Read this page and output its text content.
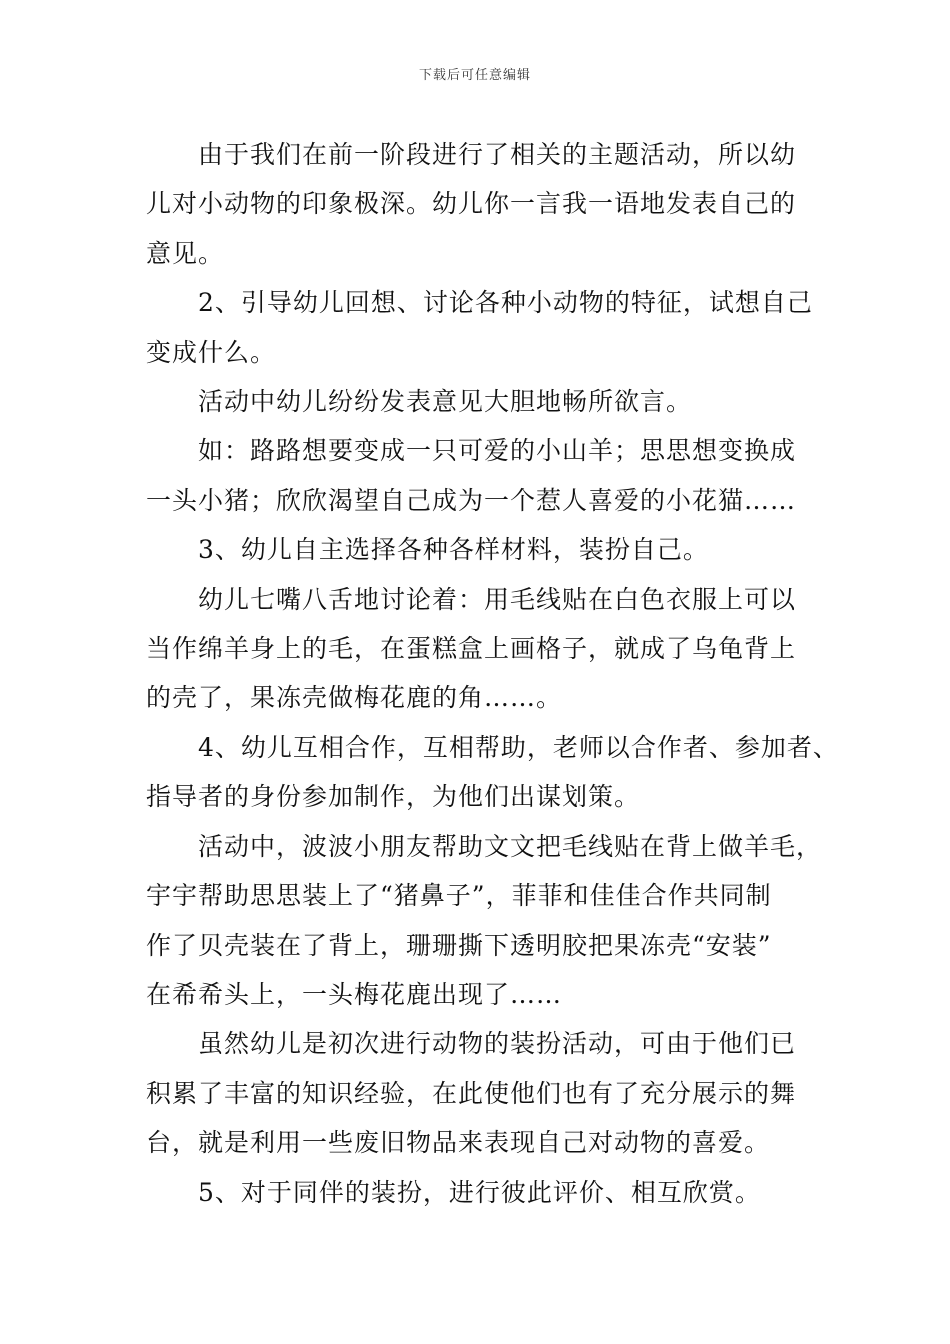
下载后可任意编辑
由于我们在前一阶段进行了相关的主题活动，所以幼
儿对小动物的印象极深。幼儿你一言我一语地发表自己的
意见。
2、引导幼儿回想、讨论各种小动物的特征，试想自己
变成什么。
活动中幼儿纷纷发表意见大胆地畅所欲言。
如：路路想要变成一只可爱的小山羊；思思想变换成
一头小猪；欣欣渴望自己成为一个惹人喜爱的小花猫……
3、幼儿自主选择各种各样材料，装扮自己。
幼儿七嘴八舌地讨论着：用毛线贴在白色衣服上可以
当作绵羊身上的毛，在蛋糕盒上画格子，就成了乌龟背上
的壳了，果冻壳做梅花鹿的角……。
4、幼儿互相合作，互相帮助，老师以合作者、参加者、
指导者的身份参加制作，为他们出谋划策。
活动中，波波小朋友帮助文文把毛线贴在背上做羊毛，
宇宇帮助思思装上了“猪鼻子”，菲菲和佳佳合作共同制
作了贝壳装在了背上，珊珊撕下透明胶把果冻壳“安装”
在希希头上，一头梅花鹿出现了……
虽然幼儿是初次进行动物的装扮活动，可由于他们已
积累了丰富的知识经验，在此使他们也有了充分展示的舞
台，就是利用一些废旧物品来表现自己对动物的喜爱。
5、对于同伴的装扮，进行彼此评价、相互欣赏。
